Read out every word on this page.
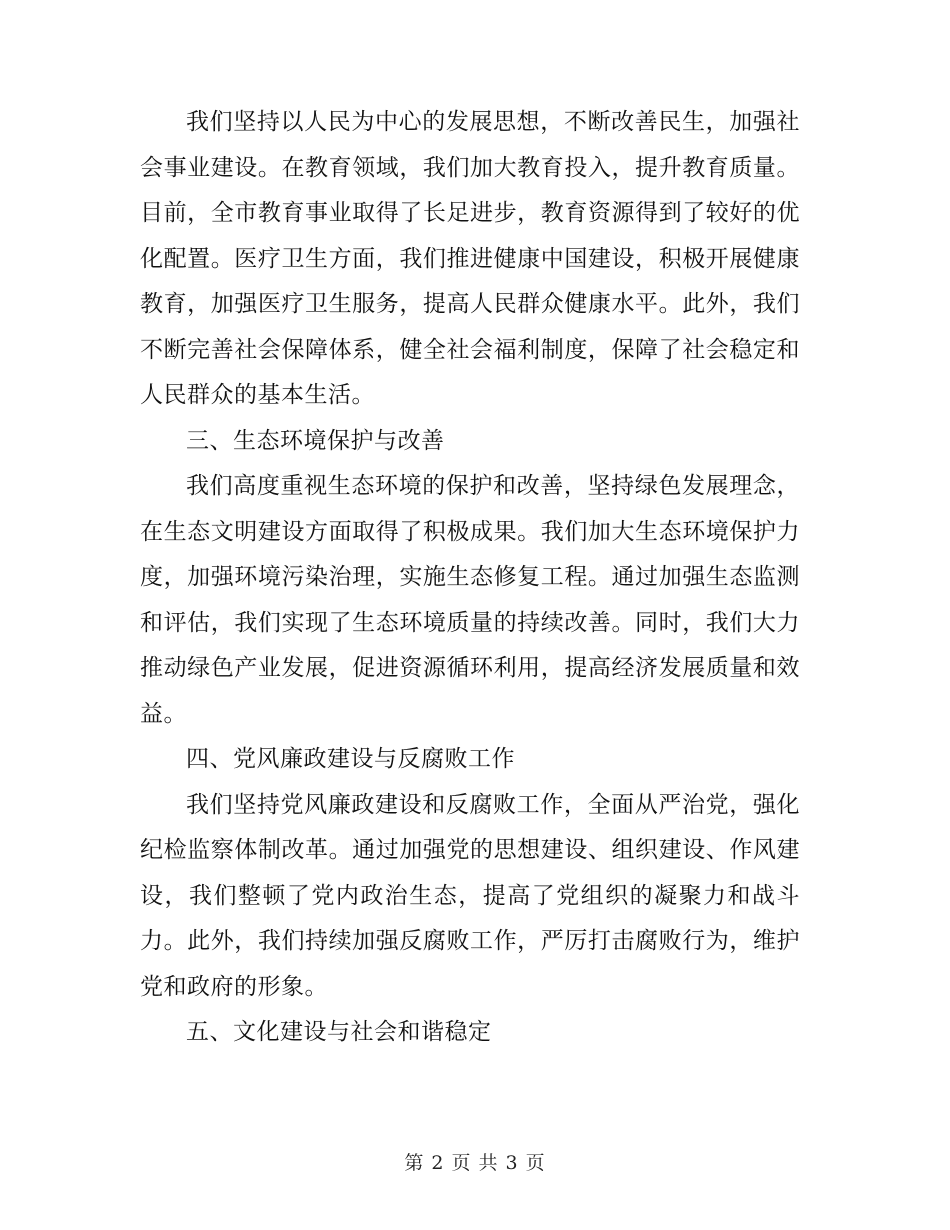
我们坚持以人民为中心的发展思想，不断改善民生，加强社会事业建设。在教育领域，我们加大教育投入，提升教育质量。目前，全市教育事业取得了长足进步，教育资源得到了较好的优化配置。医疗卫生方面，我们推进健康中国建设，积极开展健康教育，加强医疗卫生服务，提高人民群众健康水平。此外，我们不断完善社会保障体系，健全社会福利制度，保障了社会稳定和人民群众的基本生活。

三、生态环境保护与改善

我们高度重视生态环境的保护和改善，坚持绿色发展理念，在生态文明建设方面取得了积极成果。我们加大生态环境保护力度，加强环境污染治理，实施生态修复工程。通过加强生态监测和评估，我们实现了生态环境质量的持续改善。同时，我们大力推动绿色产业发展，促进资源循环利用，提高经济发展质量和效益。

四、党风廉政建设与反腐败工作

我们坚持党风廉政建设和反腐败工作，全面从严治党，强化纪检监察体制改革。通过加强党的思想建设、组织建设、作风建设，我们整顿了党内政治生态，提高了党组织的凝聚力和战斗力。此外，我们持续加强反腐败工作，严厉打击腐败行为，维护党和政府的形象。

五、文化建设与社会和谐稳定

第 2 页 共 3 页
